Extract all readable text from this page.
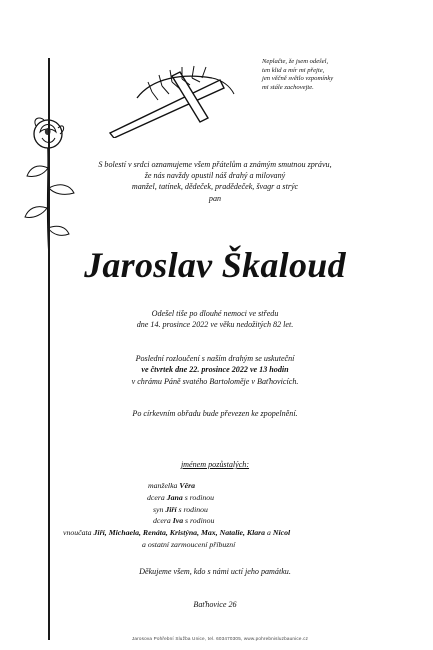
Neplačte, že jsem odešel,
ten klid a mír mi přejte,
jen věčně světlo vzpomínky
mi stále zachovejte.
S bolestí v srdci oznamujeme všem přátelům a známým smutnou zprávu,
že nás navždy opustil náš drahý a milovaný
manžel, tatínek, dědeček, pradědeček, švagr a strýc
pan
Jaroslav Škaloud
Odešel tiše po dlouhé nemoci ve středu
dne 14. prosince 2022 ve věku nedožitých 82 let.
Poslední rozloučení s naším drahým se uskuteční
ve čtvrtek dne 22. prosince 2022 ve 13 hodin
v chrámu Páně svatého Bartoloměje v Baťhovicích.
Po církevním obřadu bude převezen ke zpopelnění.
jménem pozůstalých:
manželka Věra
dcera Jana s rodinou
syn Jiří s rodinou
dcera Iva s rodinou
vnoučata Jiří, Michaela, Renáta, Kristýna, Max, Natalie, Klara a Nicol
a ostatní zarmoucení příbuzní
Děkujeme všem, kdo s námi uctí jeho památku.
Baťhovice 26
Jarosova Pohřební Služba Unice, tel. 603470305, www.pohrebnisluzbaunice.cz
